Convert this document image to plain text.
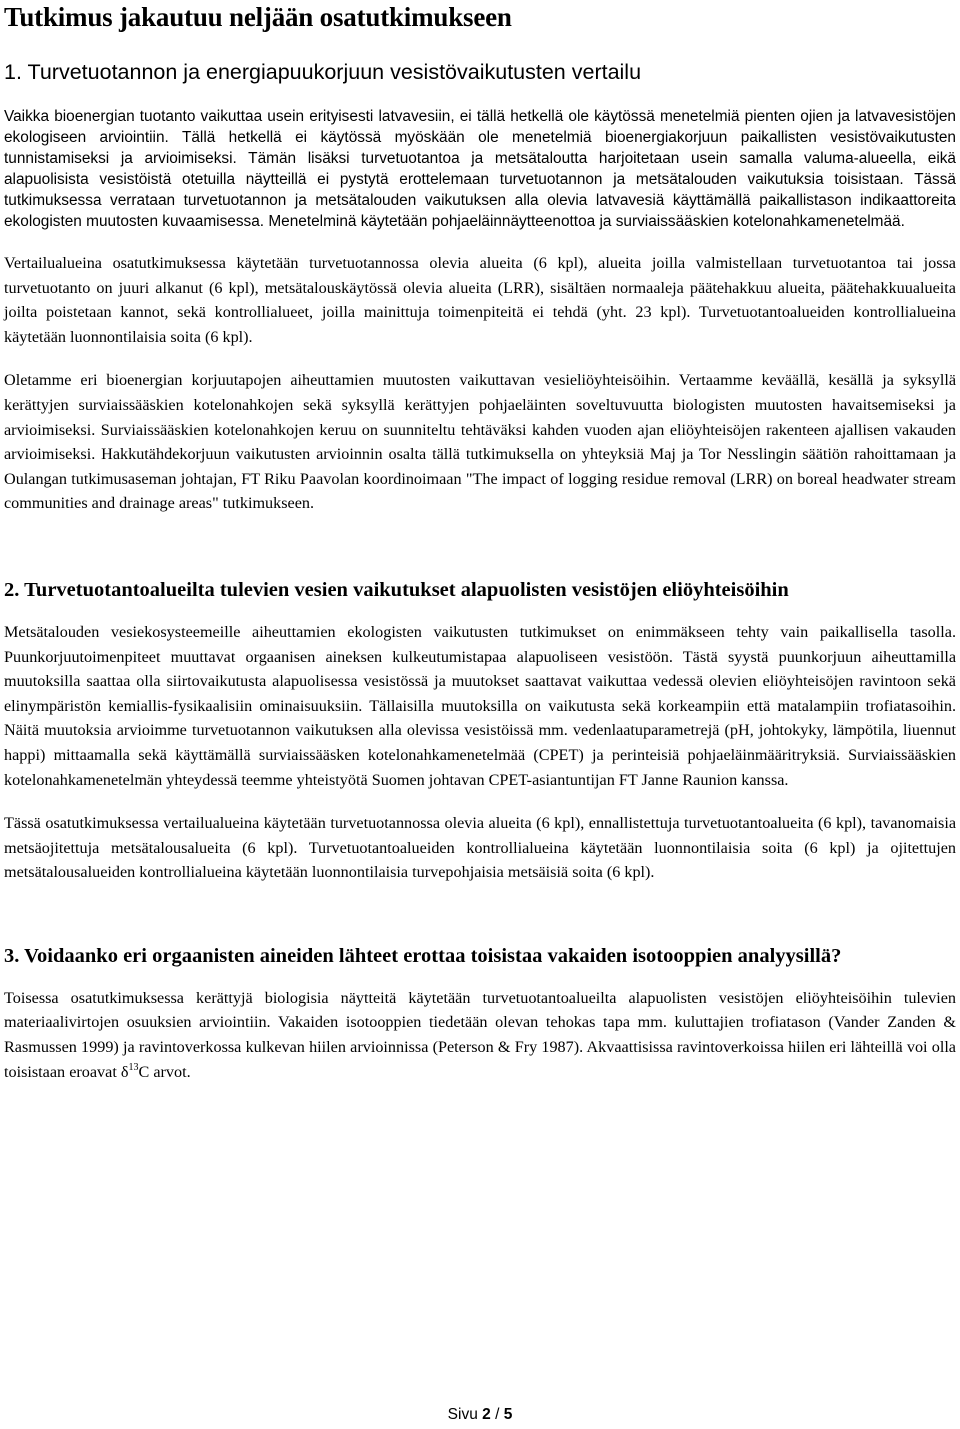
Tutkimus jakautuu neljään osatutkimukseen
1. Turvetuotannon ja energiapuukorjuun vesistövaikutusten vertailu
Vaikka bioenergian tuotanto vaikuttaa usein erityisesti latvavesiin, ei tällä hetkellä ole käytössä menetelmiä pienten ojien ja latvavesistöjen ekologiseen arviointiin. Tällä hetkellä ei käytössä myöskään ole menetelmiä bioenergiakorjuun paikallisten vesistövaikutusten tunnistamiseksi ja arvioimiseksi. Tämän lisäksi turvetuotantoa ja metsätaloutta harjoitetaan usein samalla valuma-alueella, eikä alapuolisista vesistöistä otetuilla näytteillä ei pystytä erottelemaan turvetuotannon ja metsätalouden vaikutuksia toisistaan. Tässä tutkimuksessa verrataan turvetuotannon ja metsätalouden vaikutuksen alla olevia latvavesiä käyttämällä paikallistason indikaattoreita ekologisten muutosten kuvaamisessa. Menetelminä käytetään pohjaeläinnäytteenottoa ja surviaissääskien kotelonahkamenetelmää.

Vertailualueina osatutkimuksessa käytetään turvetuotannossa olevia alueita (6 kpl), alueita joilla valmistellaan turvetuotantoa tai jossa turvetuotanto on juuri alkanut (6 kpl), metsätalouskäytössä olevia alueita (LRR), sisältäen normaaleja päätehakkuu alueita, päätehakkuualueita joilta poistetaan kannot, sekä kontrollialueet, joilla mainittuja toimenpiteitä ei tehdä (yht. 23 kpl). Turvetuotantoalueiden kontrollialueina käytetään luonnontilaisia soita (6 kpl).

Oletamme eri bioenergian korjuutapojen aiheuttamien muutosten vaikuttavan vesieliöyhteisöihin. Vertaamme keväällä, kesällä ja syksyllä kerättyjen surviaissääskien kotelonahkojen sekä syksyllä kerättyjen pohjaeläinten soveltuvuutta biologisten muutosten havaitsemiseksi ja arvioimiseksi. Surviaissääskien kotelonahkojen keruu on suunniteltu tehtäväksi kahden vuoden ajan eliöyhteisöjen rakenteen ajallisen vakauden arvioimiseksi. Hakkutähdekorjuun vaikutusten arvioinnin osalta tällä tutkimuksella on yhteyksiä Maj ja Tor Nesslingin säätiön rahoittamaan ja Oulangan tutkimusaseman johtajan, FT Riku Paavolan koordinoimaan "The impact of logging residue removal (LRR) on boreal headwater stream communities and drainage areas" tutkimukseen.

2. Turvetuotantoalueilta tulevien vesien vaikutukset alapuolisten vesistöjen eliöyhteisöihin

Metsätalouden vesiekosysteemeille aiheuttamien ekologisten vaikutusten tutkimukset on enimmäkseen tehty vain paikallisella tasolla. Puunkorjuutoimenpiteet muuttavat orgaanisen aineksen kulkeutumistapaa alapuoliseen vesistöön. Tästä syystä puunkorjuun aiheuttamilla muutoksilla saattaa olla siirtovaikutusta alapuolisessa vesistössä ja muutokset saattavat vaikuttaa vedessä olevien eliöyhteisöjen ravintoon sekä elinympäristön kemiallis-fysikaalisiin ominaisuuksiin. Tällaisilla muutoksilla on vaikutusta sekä korkeampiin että matalampiin trofiatasoihin. Näitä muutoksia arvioimme turvetuotannon vaikutuksen alla olevissa vesistöissä mm. vedenlaatuparametrejä (pH, johtokyky, lämpötila, liuennut happi) mittaamalla sekä käyttämällä surviaissääsken kotelonahkamenetelmää (CPET) ja perinteisiä pohjaeläinmääritryksiä. Surviaissääskien kotelonahkamenetelmän yhteydessä teemme yhteistyötä Suomen johtavan CPET-asiantuntijan FT Janne Raunion kanssa.

Tässä osatutkimuksessa vertailualueina käytetään turvetuotannossa olevia alueita (6 kpl), ennallistettuja turvetuotantoalueita (6 kpl), tavanomaisia metsäojitettuja metsätalousalueita (6 kpl). Turvetuotantoalueiden kontrollialueina käytetään luonnontilaisia soita (6 kpl) ja ojitettujen metsätalousalueiden kontrollialueina käytetään luonnontilaisia turvepohjaisia metsäisiä soita (6 kpl).

3. Voidaanko eri orgaanisten aineiden lähteet erottaa toisistaa vakaiden isotooppien analyysillä?

Toisessa osatutkimuksessa kerättyjä biologisia näytteitä käytetään turvetuotantoalueilta alapuolisten vesistöjen eliöyhteisöihin tulevien materiaalivirtojen osuuksien arviointiin. Vakaiden isotooppien tiedetään olevan tehokas tapa mm. kuluttajien trofiatason (Vander Zanden & Rasmussen 1999) ja ravintoverkossa kulkevan hiilen arvioinnissa (Peterson & Fry 1987). Akvaattisissa ravintoverkoissa hiilen eri lähteillä voi olla toisistaan eroavat $\delta^{13}C$ arvot.

Sivu 2 / 5
